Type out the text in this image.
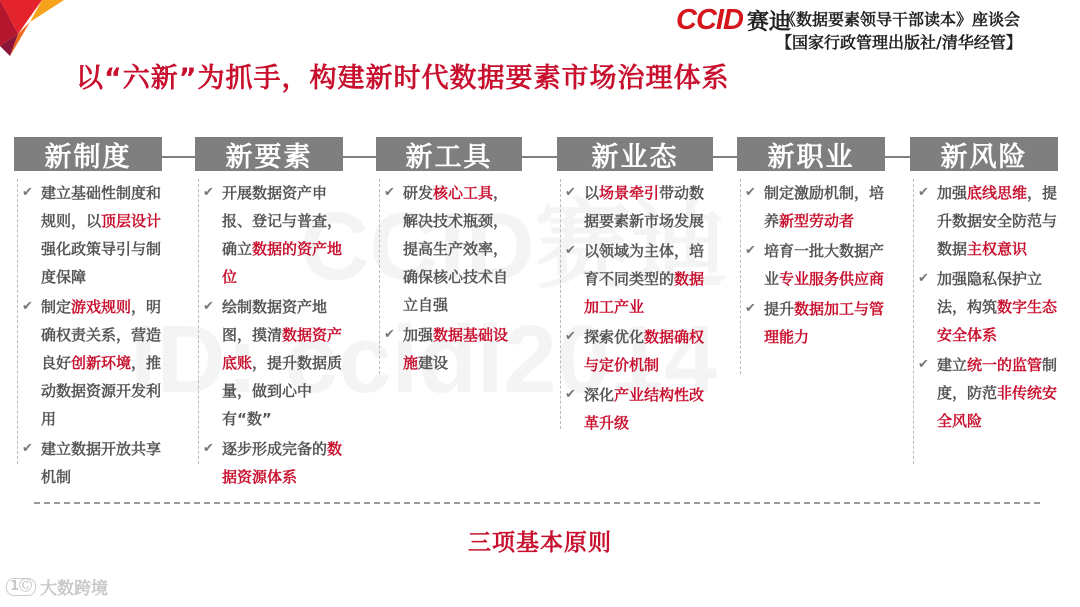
CCID 赛迪
《数据要素领导干部读本》座谈会
【国家行政管理出版社/清华经管】
以“六新”为抓手，构建新时代数据要素市场治理体系
新制度
✔ 建立基础性制度和规则，以顶层设计强化政策导引与制度保障
✔ 制定游戏规则，明确权责关系，营造良好创新环境，推动数据资源开发利用
✔ 建立数据开放共享机制
新要素
✔ 开展数据资产申报、登记与普查，确立数据的资产地位
✔ 绘制数据资产地图，摸清数据资产底账，提升数据质量，做到心中有“数”
✔ 逐步形成完备的数据资源体系
新工具
✔ 研发核心工具，解决技术瓶颈，提高生产效率，确保核心技术自立自强
✔ 加强数据基础设施建设
新业态
✔ 以场景牵引带动数据要素新市场发展
✔ 以领域为主体，培育不同类型的数据加工产业
✔ 探索优化数据确权与定价机制
✔ 深化产业结构性改革升级
新职业
✔ 制定激励机制，培养新型劳动者
✔ 培育一批大数据产业专业服务供应商
✔ 提升数据加工与管理能力
新风险
✔ 加强底线思维，提升数据安全防范与数据主权意识
✔ 加强隐私保护立法，构筑数字生态安全体系
✔ 建立统一的监管制度，防范非传统安全风险
三项基本原则
1Ⓒ 大数跨境
